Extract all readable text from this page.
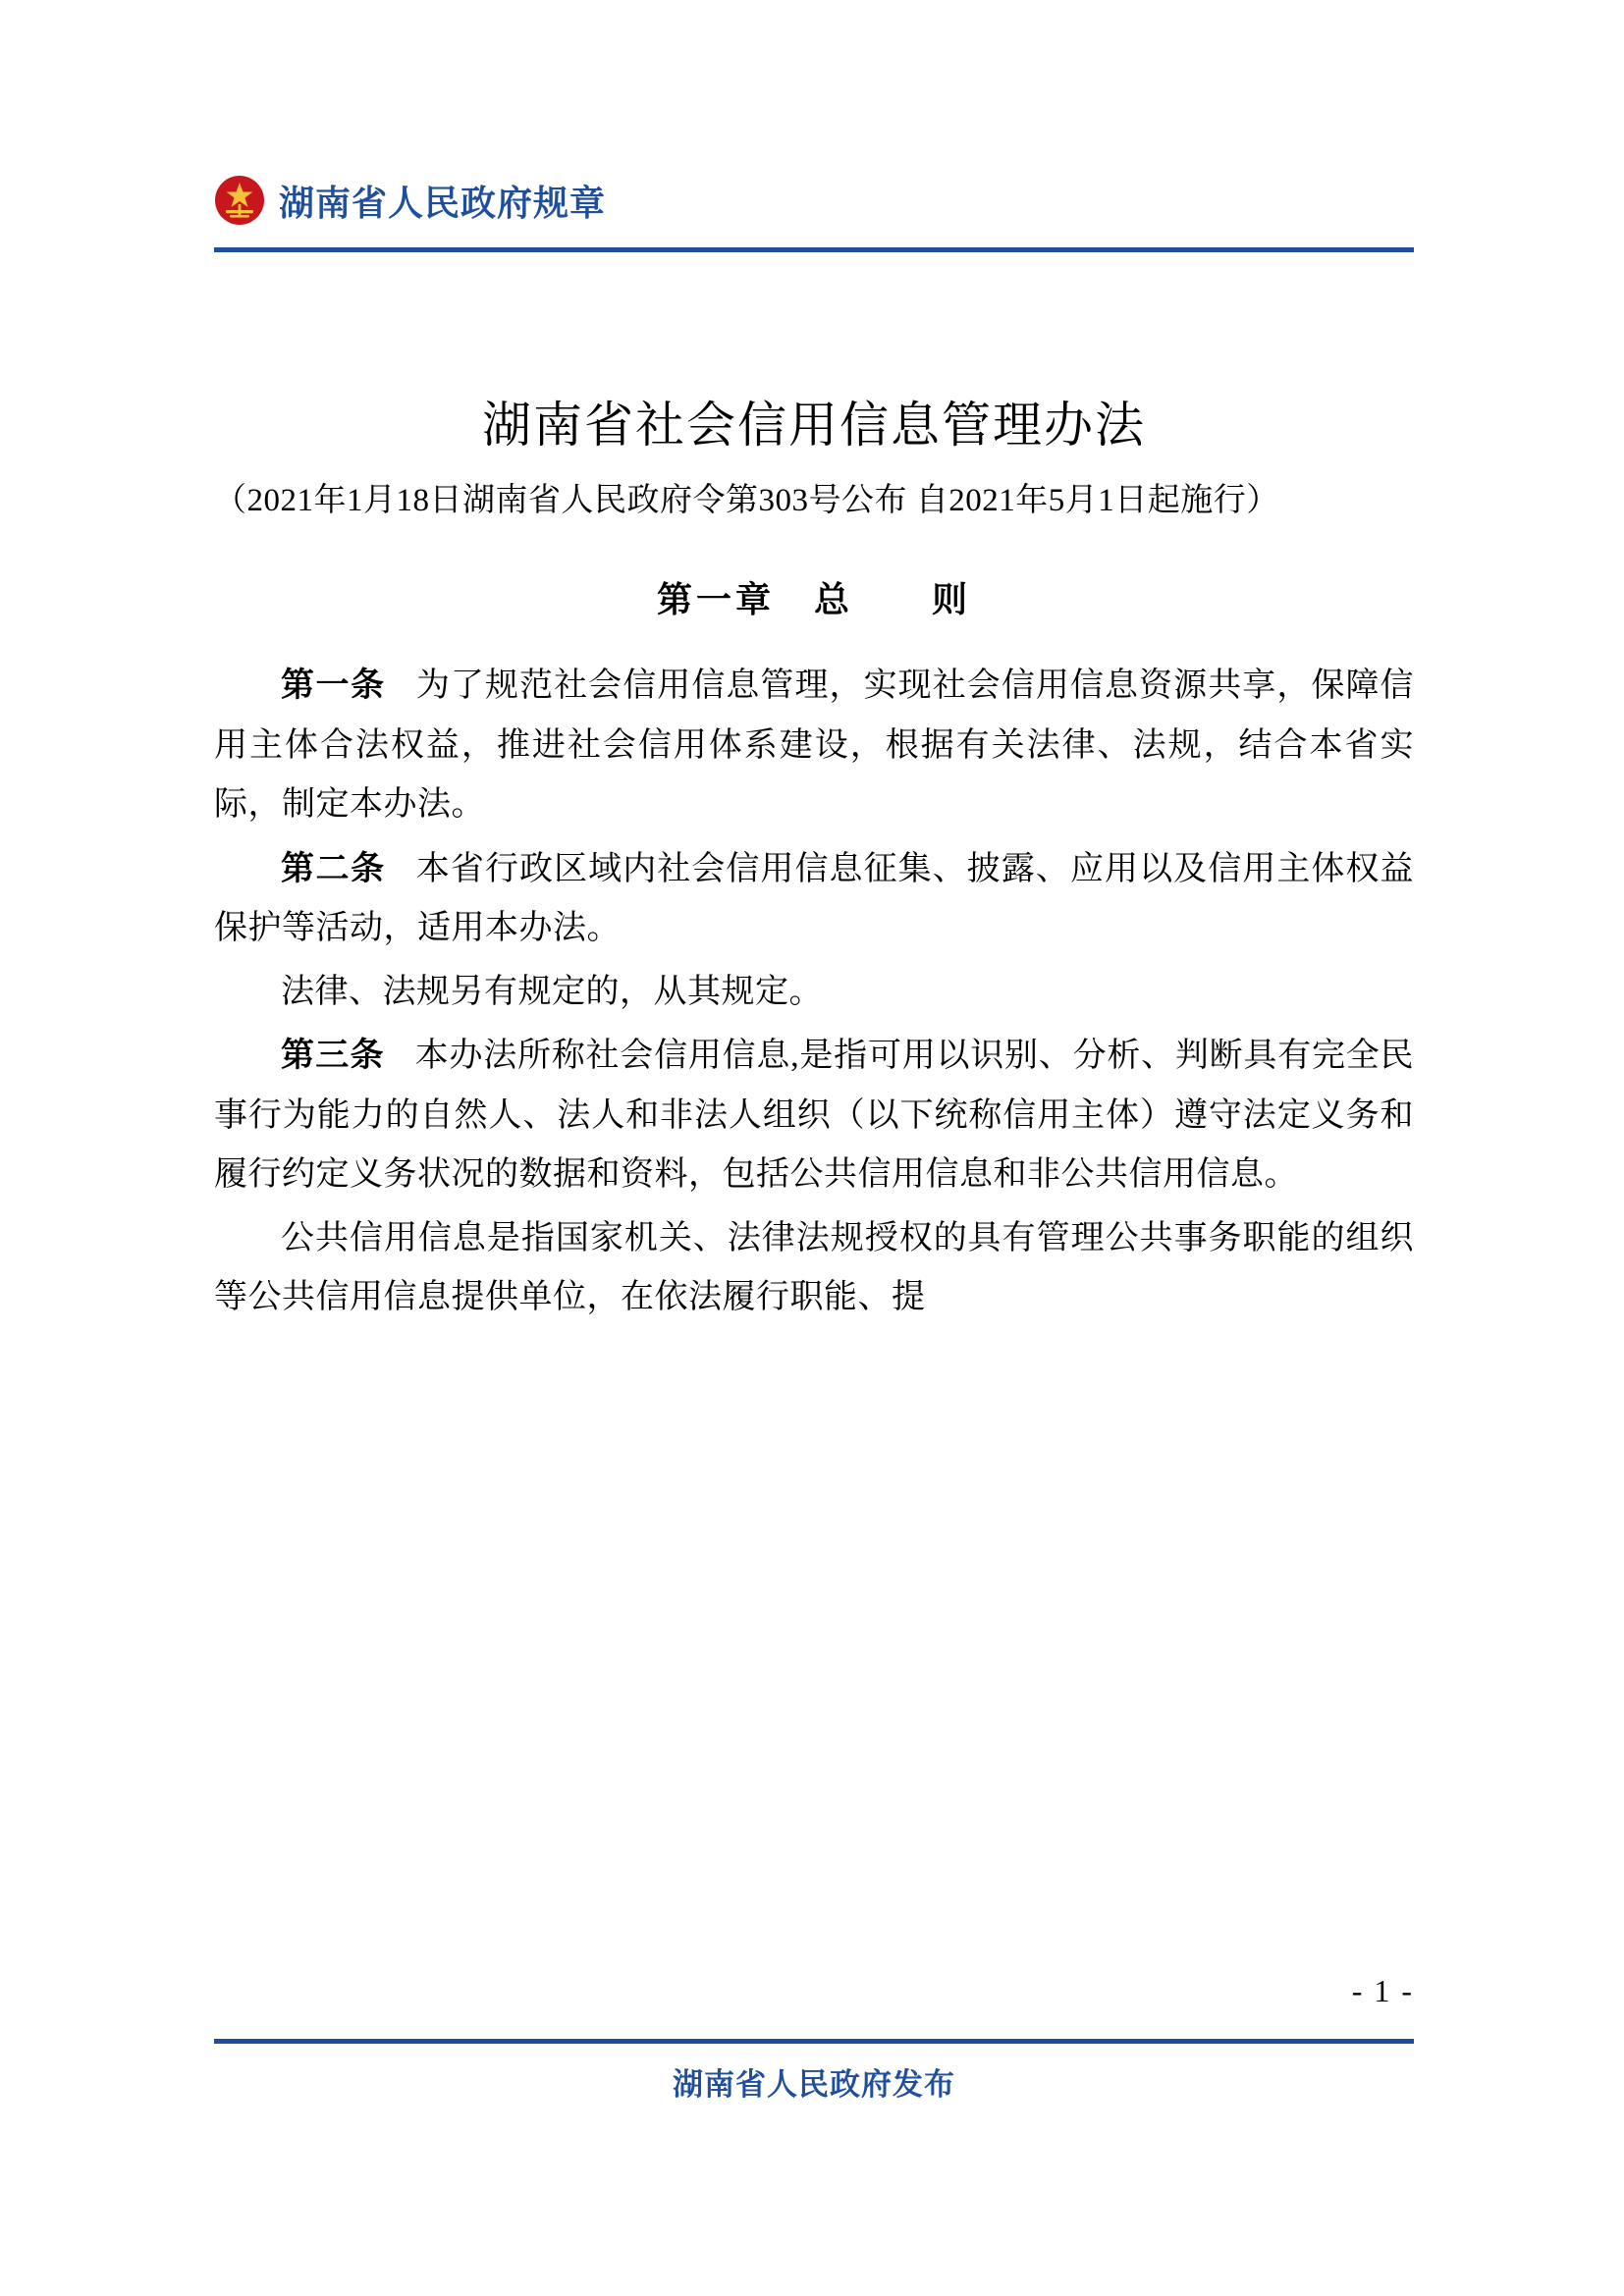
湖南省人民政府规章
湖南省社会信用信息管理办法
（2021年1月18日湖南省人民政府令第303号公布 自2021年5月1日起施行）
第一章　总　　则

第一条 为了规范社会信用信息管理，实现社会信用信息资源共享，保障信用主体合法权益，推进社会信用体系建设，根据有关法律、法规，结合本省实际，制定本办法。

第二条 本省行政区域内社会信用信息征集、披露、应用以及信用主体权益保护等活动，适用本办法。

法律、法规另有规定的，从其规定。

第三条 本办法所称社会信用信息,是指可用以识别、分析、判断具有完全民事行为能力的自然人、法人和非法人组织（以下统称信用主体）遵守法定义务和履行约定义务状况的数据和资料，包括公共信用信息和非公共信用信息。

公共信用信息是指国家机关、法律法规授权的具有管理公共事务职能的组织等公共信用信息提供单位，在依法履行职能、提

- 1 -
湖南省人民政府发布
